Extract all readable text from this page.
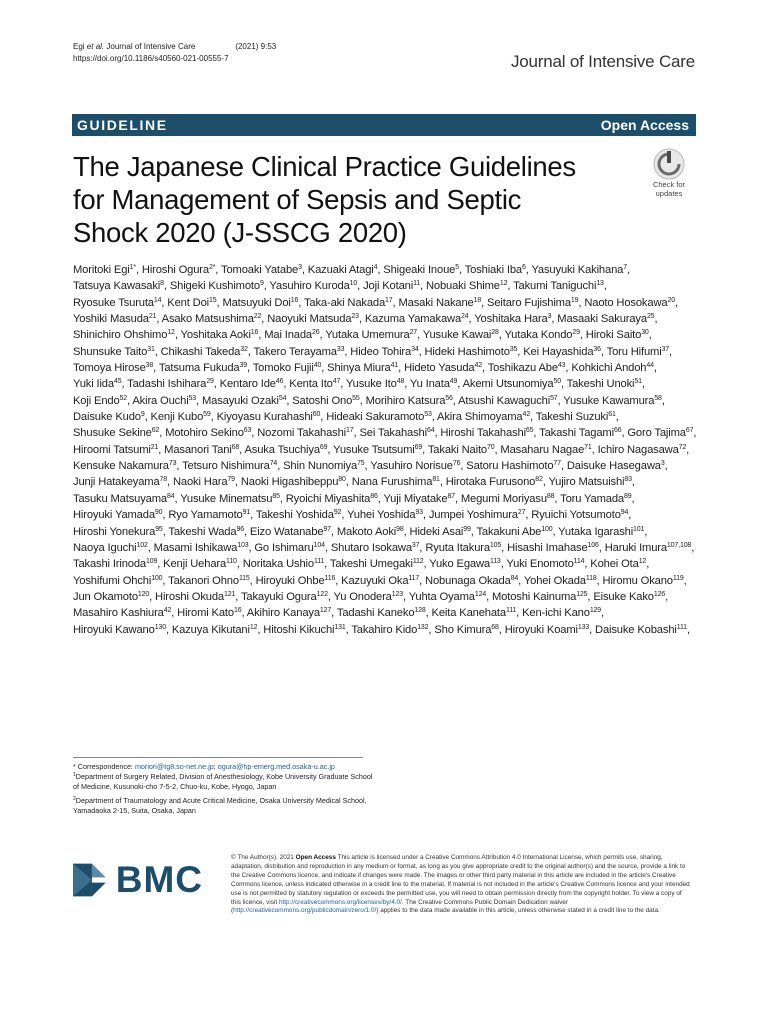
Egi et al. Journal of Intensive Care	(2021) 9:53
https://doi.org/10.1186/s40560-021-00555-7	Journal of Intensive Care
GUIDELINE	Open Access
The Japanese Clinical Practice Guidelines for Management of Sepsis and Septic Shock 2020 (J-SSCG 2020)
Check for
updates
Moritoki Egi$^{1*}$, Hiroshi Ogura$^{2*}$, Tomoaki Yatabe$^3$, Kazuaki Atagi$^4$, Shigeaki Inoue$^5$, Toshiaki Iba$^6$, Yasuyuki Kakihana$^7$, Tatsuya Kawasaki$^8$, Shigeki Kushimoto$^9$, Yasuhiro Kuroda$^{10}$, Joji Kotani$^{11}$, Nobuaki Shime$^{12}$, Takumi Taniguchi$^{13}$, Ryosuke Tsuruta$^{14}$, Kent Doi$^{15}$, Matsuyuki Doi$^{16}$, Taka-aki Nakada$^{17}$, Masaki Nakane$^{18}$, Seitaro Fujishima$^{19}$, Naoto Hosokawa$^{20}$, Yoshiki Masuda$^{21}$, Asako Matsushima$^{22}$, Naoyuki Matsuda$^{23}$, Kazuma Yamakawa$^{24}$, Yoshitaka Hara$^3$, Masaaki Sakuraya$^{25}$, Shinichiro Ohshimo$^{12}$, Yoshitaka Aoki$^{16}$, Mai Inada$^{26}$, Yutaka Umemura$^{27}$, Yusuke Kawai$^{28}$, Yutaka Kondo$^{29}$, Hiroki Saito$^{30}$, Shunsuke Taito$^{31}$, Chikashi Takeda$^{32}$, Takero Terayama$^{33}$, Hideo Tohira$^{34}$, Hideki Hashimoto$^{35}$, Kei Hayashida$^{36}$, Toru Hifumi$^{37}$, Tomoya Hirose$^{38}$, Tatsuma Fukuda$^{39}$, Tomoko Fujii$^{40}$, Shinya Miura$^{41}$, Hideto Yasuda$^{42}$, Toshikazu Abe$^{43}$, Kohkichi Andoh$^{44}$, Yuki Iida$^{45}$, Tadashi Ishihara$^{29}$, Kentaro Ide$^{46}$, Kenta Ito$^{47}$, Yusuke Ito$^{48}$, Yu Inata$^{49}$, Akemi Utsunomiya$^{50}$, Takeshi Unoki$^{51}$, Koji Endo$^{52}$, Akira Ouchi$^{53}$, Masayuki Ozaki$^{54}$, Satoshi Ono$^{55}$, Morihiro Katsura$^{56}$, Atsushi Kawaguchi$^{57}$, Yusuke Kawamura$^{58}$, Daisuke Kudo$^9$, Kenji Kubo$^{59}$, Kiyoyasu Kurahashi$^{60}$, Hideaki Sakuramoto$^{53}$, Akira Shimoyama$^{42}$, Takeshi Suzuki$^{61}$, Shusuke Sekine$^{62}$, Motohiro Sekino$^{63}$, Nozomi Takahashi$^{17}$, Sei Takahashi$^{64}$, Hiroshi Takahashi$^{65}$, Takashi Tagami$^{66}$, Goro Tajima$^{67}$, Hiroomi Tatsumi$^{21}$, Masanori Tani$^{68}$, Asuka Tsuchiya$^{69}$, Yusuke Tsutsumi$^{69}$, Takaki Naito$^{70}$, Masaharu Nagae$^{71}$, Ichiro Nagasawa$^{72}$, Kensuke Nakamura$^{73}$, Tetsuro Nishimura$^{74}$, Shin Nunomiya$^{75}$, Yasuhiro Norisue$^{76}$, Satoru Hashimoto$^{77}$, Daisuke Hasegawa$^3$, Junji Hatakeyama$^{78}$, Naoki Hara$^{79}$, Naoki Higashibeppu$^{80}$, Nana Furushima$^{81}$, Hirotaka Furusono$^{82}$, Yujiro Matsuishi$^{83}$, Tasuku Matsuyama$^{84}$, Yusuke Minematsu$^{85}$, Ryoichi Miyashita$^{86}$, Yuji Miyatake$^{87}$, Megumi Moriyasu$^{88}$, Toru Yamada$^{89}$, Hiroyuki Yamada$^{90}$, Ryo Yamamoto$^{91}$, Takeshi Yoshida$^{92}$, Yuhei Yoshida$^{93}$, Jumpei Yoshimura$^{27}$, Ryuichi Yotsumoto$^{94}$, Hiroshi Yonekura$^{95}$, Takeshi Wada$^{96}$, Eizo Watanabe$^{97}$, Makoto Aoki$^{98}$, Hideki Asai$^{99}$, Takakuni Abe$^{100}$, Yutaka Igarashi$^{101}$, Naoya Iguchi$^{102}$, Masami Ishikawa$^{103}$, Go Ishimaru$^{104}$, Shutaro Isokawa$^{37}$, Ryuta Itakura$^{105}$, Hisashi Imahase$^{106}$, Haruki Imura$^{107,108}$, Takashi Irinoda$^{109}$, Kenji Uehara$^{110}$, Noritaka Ushio$^{111}$, Takeshi Umegaki$^{112}$, Yuko Egawa$^{113}$, Yuki Enomoto$^{114}$, Kohei Ota$^{12}$, Yoshifumi Ohchi$^{100}$, Takanori Ohno$^{115}$, Hiroyuki Ohbe$^{116}$, Kazuyuki Oka$^{117}$, Nobunaga Okada$^{84}$, Yohei Okada$^{118}$, Hiromu Okano$^{119}$, Jun Okamoto$^{120}$, Hiroshi Okuda$^{121}$, Takayuki Ogura$^{122}$, Yu Onodera$^{123}$, Yuhta Oyama$^{124}$, Motoshi Kainuma$^{125}$, Eisuke Kako$^{126}$, Masahiro Kashiura$^{42}$, Hiromi Kato$^{16}$, Akihiro Kanaya$^{127}$, Tadashi Kaneko$^{128}$, Keita Kanehata$^{111}$, Ken-ichi Kano$^{129}$, Hiroyuki Kawano$^{130}$, Kazuya Kikutani$^{12}$, Hitoshi Kikuchi$^{131}$, Takahiro Kido$^{132}$, Sho Kimura$^{68}$, Hiroyuki Koami$^{133}$, Daisuke Kobashi$^{111}$,

* Correspondence: moriori@tg8.so-net.ne.jp; ogura@hp-emerg.med.osaka-u.ac.jp

$^1$Department of Surgery Related, Division of Anesthesiology, Kobe University Graduate School of Medicine, Kusunoki-cho 7-5-2, Chuo-ku, Kobe, Hyogo, Japan

$^2$Department of Traumatology and Acute Critical Medicine, Osaka University Medical School, Yamadaoka 2-15, Suita, Osaka, Japan

BMC
© The Author(s). 2021 Open Access This article is licensed under a Creative Commons Attribution 4.0 International License, which permits use, sharing, adaptation, distribution and reproduction in any medium or format, as long as you give appropriate credit to the original author(s) and the source, provide a link to the Creative Commons licence, and indicate if changes were made. The images or other third party material in this article are included in the article's Creative Commons licence, unless indicated otherwise in a credit line to the material. If material is not included in the article's Creative Commons licence and your intended use is not permitted by statutory regulation or exceeds the permitted use, you will need to obtain permission directly from the copyright holder. To view a copy of this licence, visit http://creativecommons.org/licenses/by/4.0/. The Creative Commons Public Domain Dedication waiver (http://creativecommons.org/publicdomain/zero/1.0/) applies to the data made available in this article, unless otherwise stated in a credit line to the data.
